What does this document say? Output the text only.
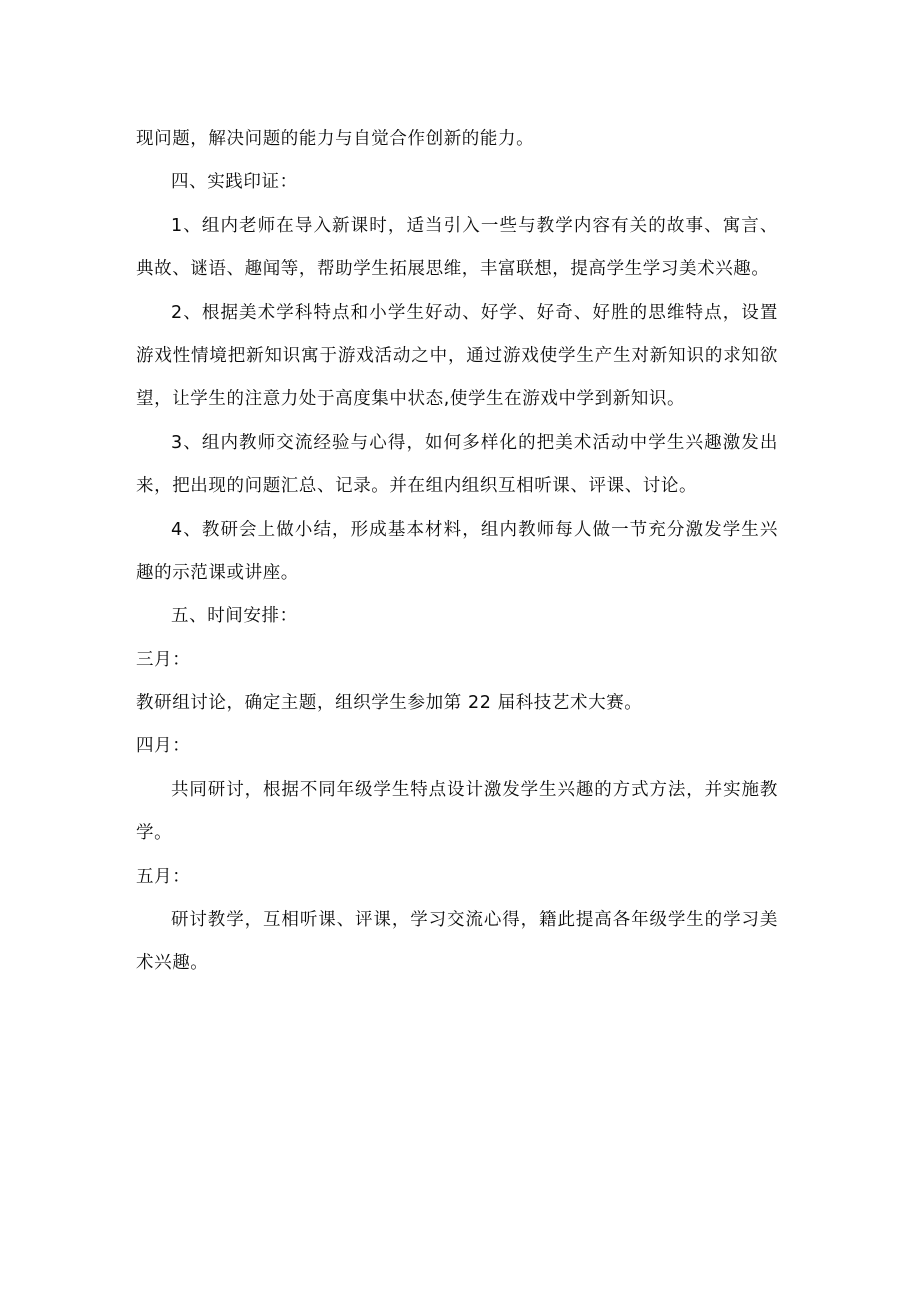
现问题，解决问题的能力与自觉合作创新的能力。

四、实践印证：

1、组内老师在导入新课时，适当引入一些与教学内容有关的故事、寓言、典故、谜语、趣闻等，帮助学生拓展思维，丰富联想，提高学生学习美术兴趣。

2、根据美术学科特点和小学生好动、好学、好奇、好胜的思维特点，设置游戏性情境把新知识寓于游戏活动之中，通过游戏使学生产生对新知识的求知欲望，让学生的注意力处于高度集中状态,使学生在游戏中学到新知识。

3、组内教师交流经验与心得，如何多样化的把美术活动中学生兴趣激发出来，把出现的问题汇总、记录。并在组内组织互相听课、评课、讨论。

4、教研会上做小结，形成基本材料，组内教师每人做一节充分激发学生兴趣的示范课或讲座。

五、时间安排：

三月：

教研组讨论，确定主题，组织学生参加第 22 届科技艺术大赛。

四月：

共同研讨，根据不同年级学生特点设计激发学生兴趣的方式方法，并实施教学。

五月：

研讨教学，互相听课、评课，学习交流心得，籍此提高各年级学生的学习美术兴趣。
